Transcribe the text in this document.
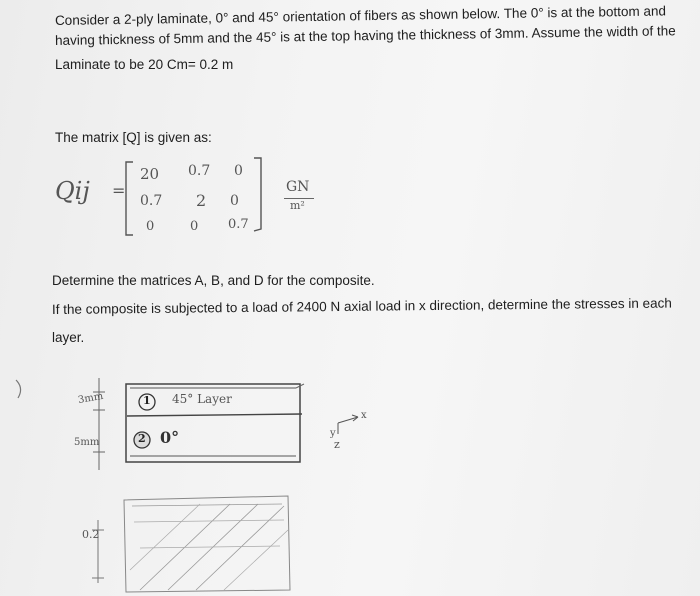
Consider a 2-ply laminate, 0° and 45° orientation of fibers as shown below. The 0° is at the bottom and
having thickness of 5mm and the 45° is at the top having the thickness of 3mm. Assume the width of the
Laminate to be 20 Cm= 0.2 m
The matrix [Q] is given as:
Qij =
20 0.7 0
0.7 2 0
0	0 0.7
GN
m²
Determine the matrices A, B, and D for the composite.
If the composite is subjected to a load of 2400 N axial load in x direction, determine the stresses in each
layer.
3mm
5mm
1 45° Layer
2 0°
x
y
z
0.2
